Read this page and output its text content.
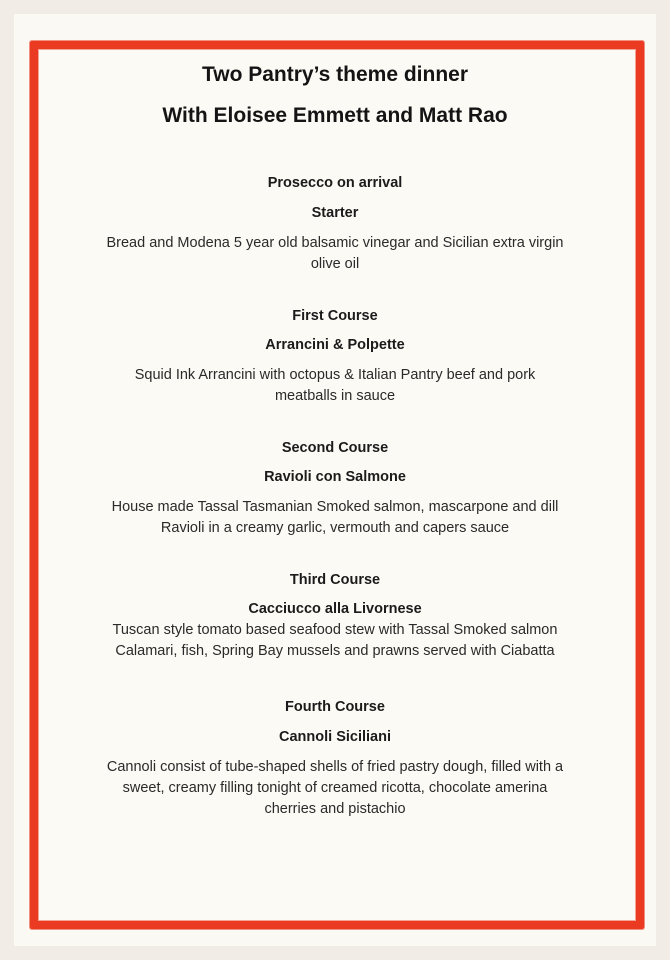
Two Pantry’s theme dinner
With Eloisee Emmett and Matt Rao

Prosecco on arrival

Starter

Bread and Modena 5 year old balsamic vinegar and Sicilian extra virgin

olive oil

First Course

Arrancini & Polpette

Squid Ink Arrancini with octopus & Italian Pantry beef and pork

meatballs in sauce

Second Course

Ravioli con Salmone

House made Tassal Tasmanian Smoked salmon, mascarpone and dill

Ravioli in a creamy garlic, vermouth and capers sauce

Third Course

Cacciucco alla Livornese

Tuscan style tomato based seafood stew with Tassal Smoked salmon

Calamari, fish, Spring Bay mussels and prawns served with Ciabatta

Fourth Course

Cannoli Siciliani

Cannoli consist of tube-shaped shells of fried pastry dough, filled with a

sweet, creamy filling tonight of creamed ricotta, chocolate amerina

cherries and pistachio
